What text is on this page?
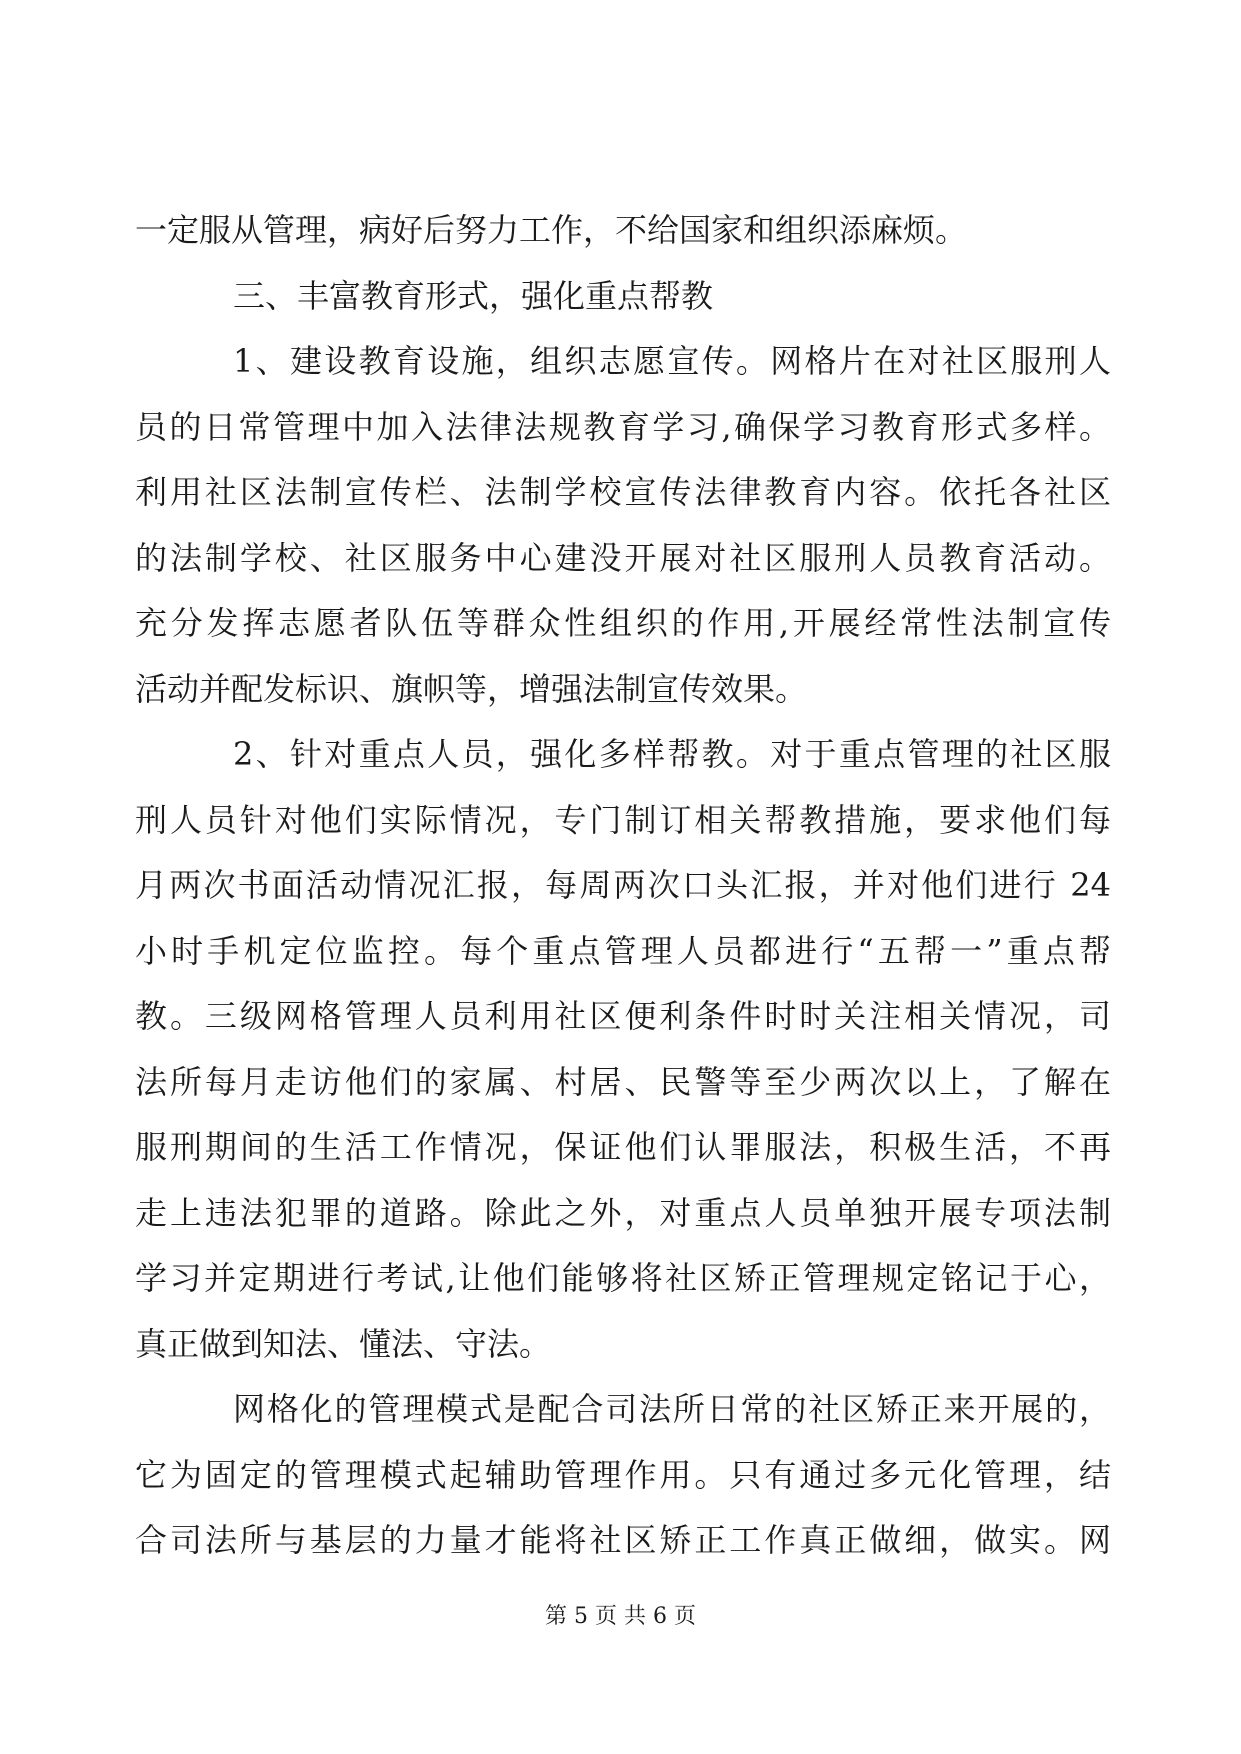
一定服从管理，病好后努力工作，不给国家和组织添麻烦。
三、丰富教育形式，强化重点帮教
1、建设教育设施，组织志愿宣传。网格片在对社区服刑人
员的日常管理中加入法律法规教育学习,确保学习教育形式多样。
利用社区法制宣传栏、法制学校宣传法律教育内容。依托各社区
的法制学校、社区服务中心建没开展对社区服刑人员教育活动。
充分发挥志愿者队伍等群众性组织的作用,开展经常性法制宣传
活动并配发标识、旗帜等，增强法制宣传效果。
2、针对重点人员，强化多样帮教。对于重点管理的社区服
刑人员针对他们实际情况，专门制订相关帮教措施，要求他们每
月两次书面活动情况汇报，每周两次口头汇报，并对他们进行 24
小时手机定位监控。每个重点管理人员都进行“五帮一”重点帮
教。三级网格管理人员利用社区便利条件时时关注相关情况，司
法所每月走访他们的家属、村居、民警等至少两次以上，了解在
服刑期间的生活工作情况，保证他们认罪服法，积极生活，不再
走上违法犯罪的道路。除此之外，对重点人员单独开展专项法制
学习并定期进行考试,让他们能够将社区矫正管理规定铭记于心，
真正做到知法、懂法、守法。
网格化的管理模式是配合司法所日常的社区矫正来开展的，
它为固定的管理模式起辅助管理作用。只有通过多元化管理，结
合司法所与基层的力量才能将社区矫正工作真正做细，做实。网
第 5 页 共 6 页
